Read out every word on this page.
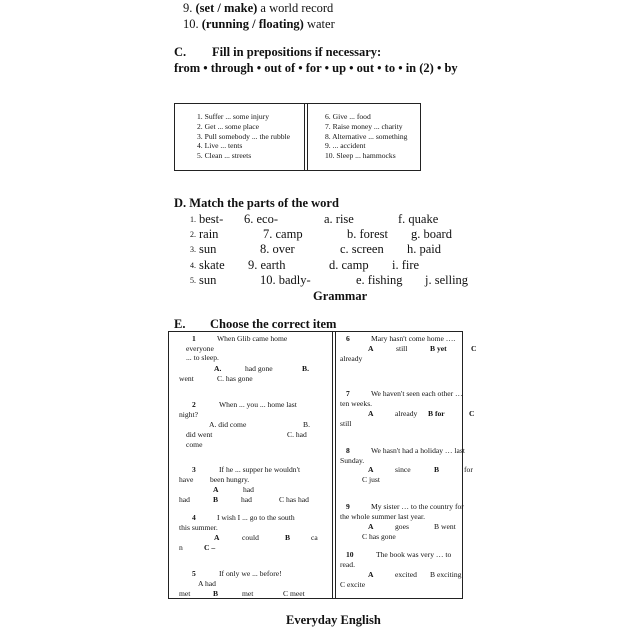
9. (set / make) a world record
10. (running / floating) water
C. Fill in prepositions if necessary:
from • through • out of • for • up • out • to • in (2) • by
1. Suffer ... some injury
2. Get ... some place
3. Pull somebody ... the rubble
4. Live ... tents
5. Clean ... streets
6. Give ... food
7. Raise money ... charity
8. Alternative ... something
9. ... accident
10. Sleep ... hammocks
D. Match the parts of the word
1. best- 6. eco-	a. rise	f. quake
2. rain	7. camp	b. forest g. board
3. sun	8. over	c. screen h. paid
4. skate 9. earth	d. camp i. fire
5. sun	10. badly-	e. fishing j. selling
Grammar
E. Choose the correct item
1	When Glib came home
everyone
... to sleep.
A.	had gone	B.
went	C. has gone
2	When ... you ... home last
night?
A. did come	B.
did went	C. had
come
3	If he ... supper he wouldn't
have been hungry.
A	had
had	B	had	C has had
4	I wish I ... go to the south
this summer.
A	could	B	ca
n	C –
5	If only we ... before!
A had
met	B	met	C meet
6	Mary hasn't come home ….
A	still	B yet	C
already
7	We haven't seen each other …
ten weeks.
A	already B for	C
still
8	We hasn't had a holiday … last
Sunday.
A	since	B	for
C just
9	My sister … to the country for
the whole summer last year.
A	goes	B went
C has gone
10	The book was very … to
read.
A	excited B exciting
C excite
Everyday English
